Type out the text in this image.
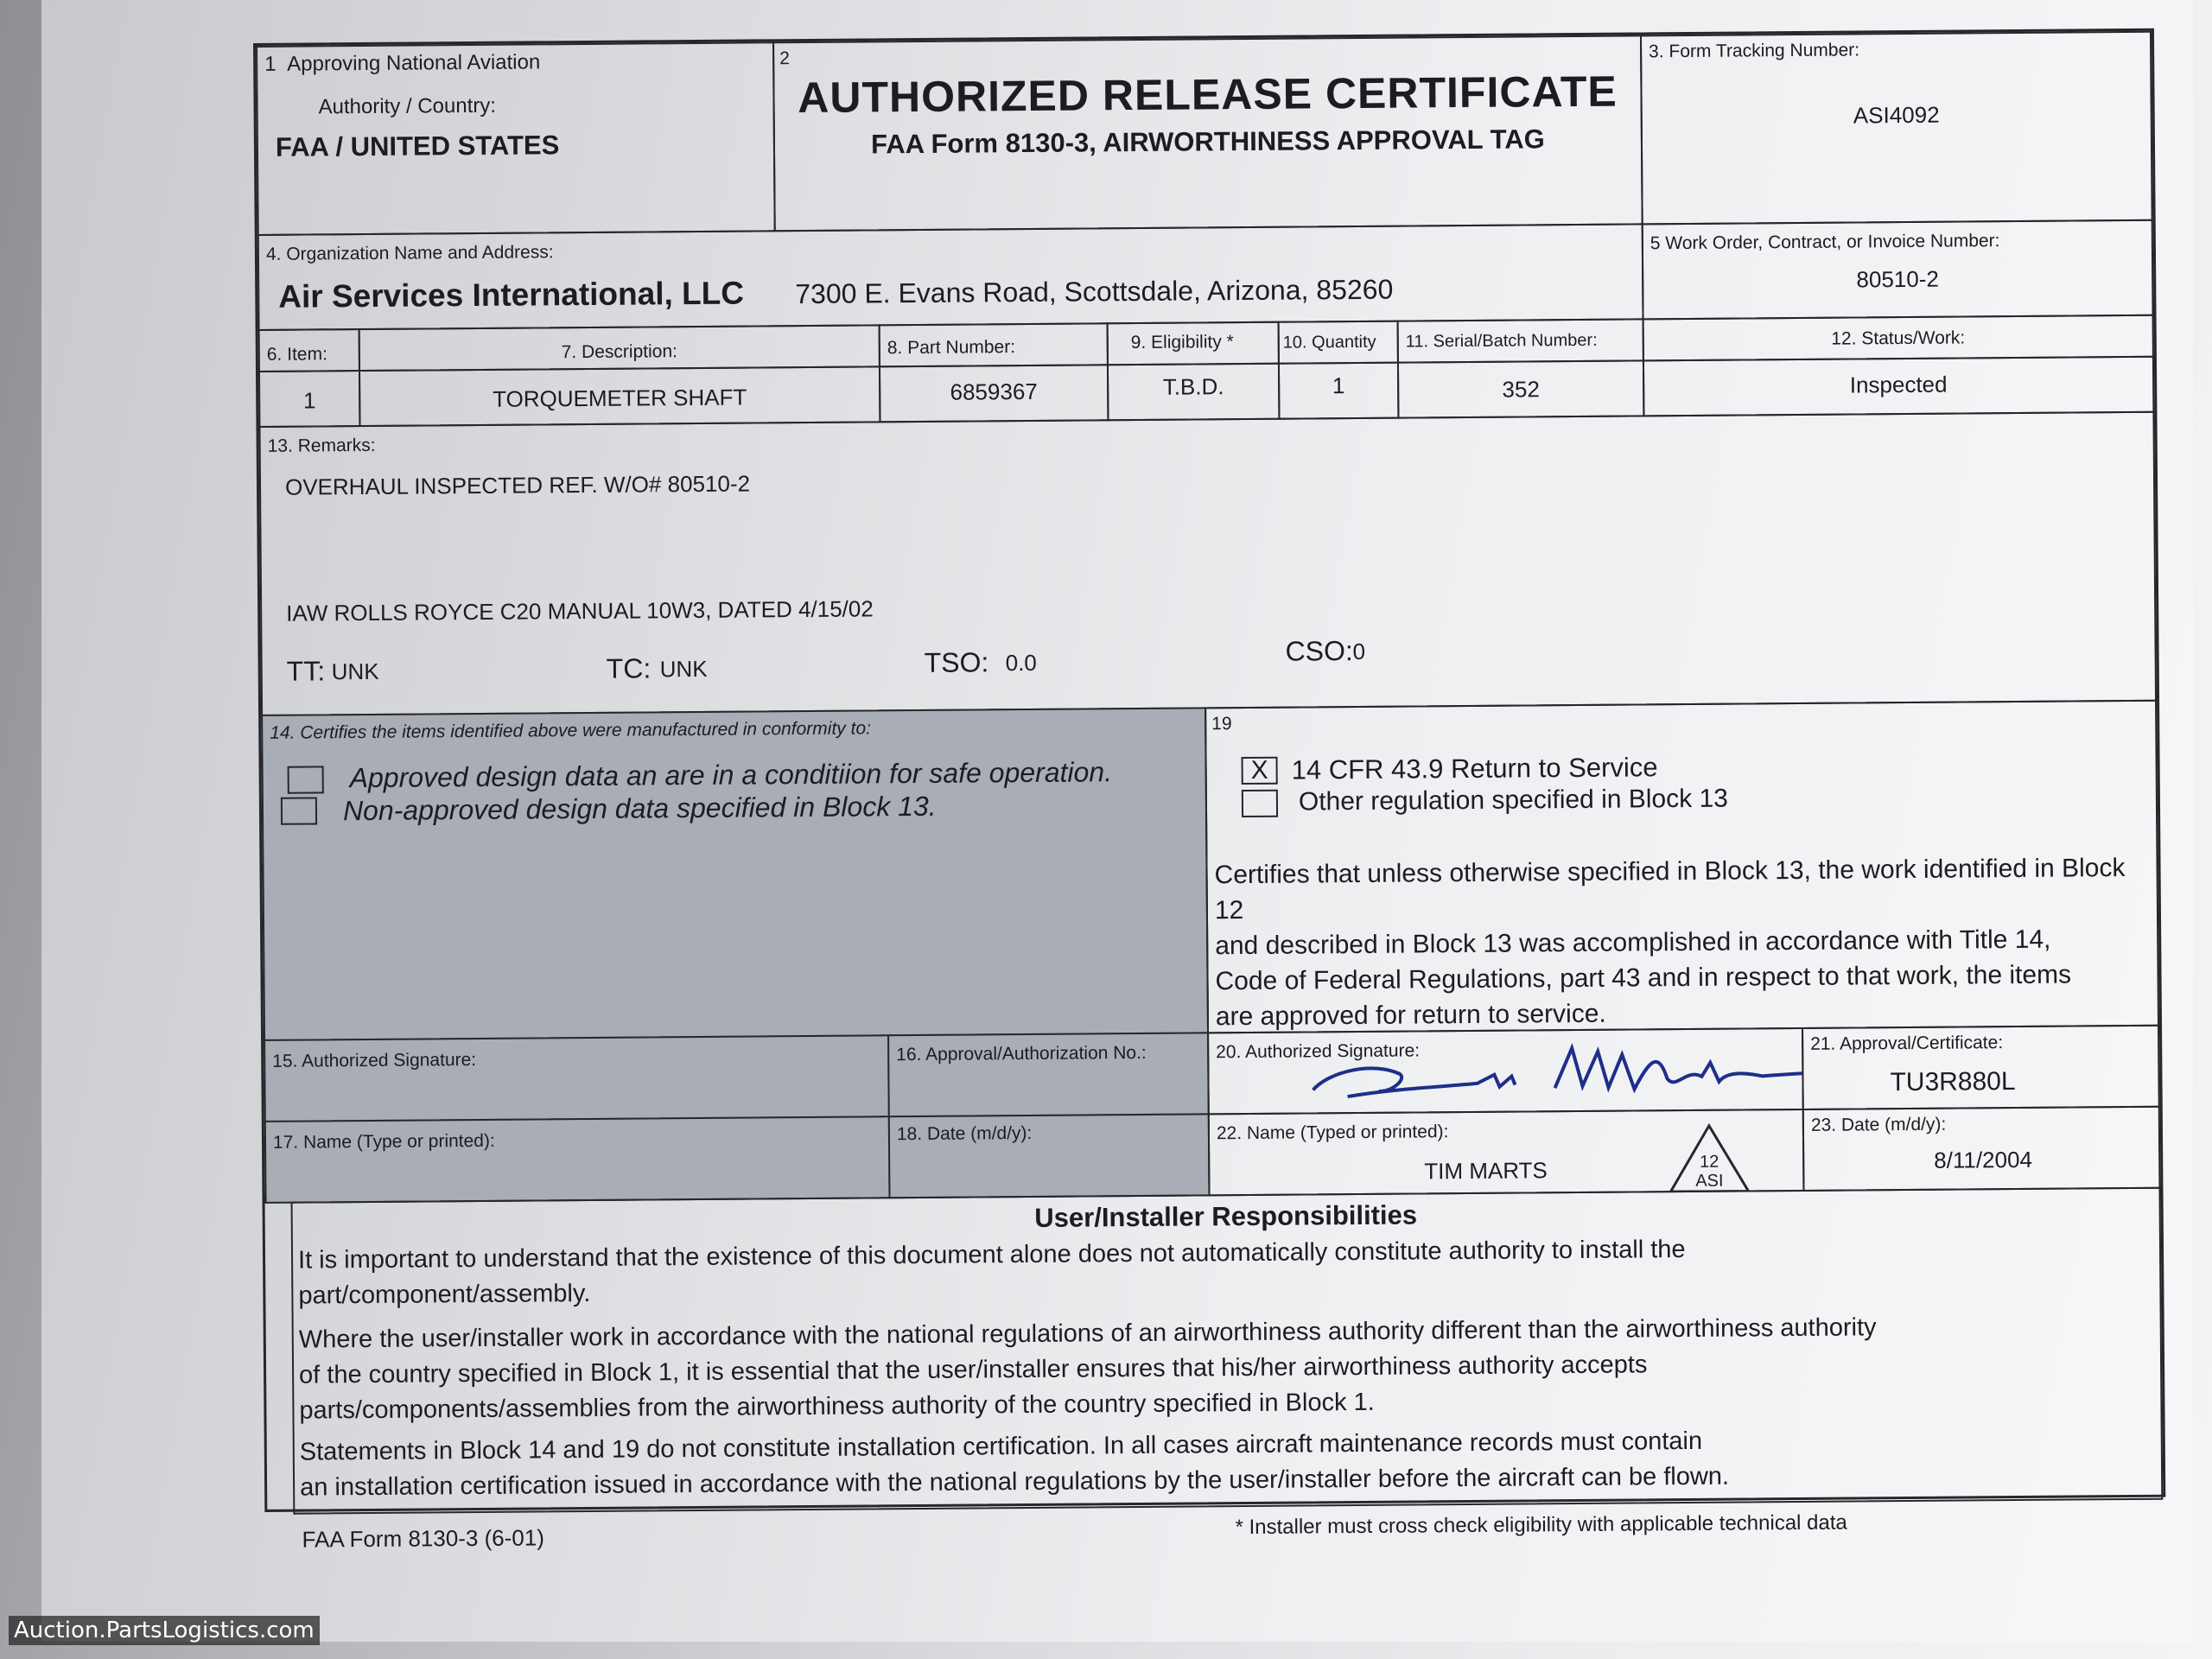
1 Approving National Aviation
Authority / Country:
FAA / UNITED STATES
2
AUTHORIZED RELEASE CERTIFICATE
FAA Form 8130-3, AIRWORTHINESS APPROVAL TAG
3. Form Tracking Number:
ASI4092
4. Organization Name and Address:
Air Services International, LLC 7300 E. Evans Road, Scottsdale, Arizona, 85260
5 Work Order, Contract, or Invoice Number:
80510-2
6. Item:	7. Description:	8. Part Number:	9. Eligibility *	10. Quantity 11. Serial/Batch Number:	12. Status/Work:
1	TORQUEMETER SHAFT	6859367	T.B.D.	1	352	Inspected
13. Remarks:
OVERHAUL INSPECTED REF. W/O# 80510-2
IAW ROLLS ROYCE C20 MANUAL 10W3, DATED 4/15/02
TT: UNK	TC: UNK	TSO: 0.0	CSO: 0
14. Certifies the items identified above were manufactured in conformity to:
Approved design data an are in a conditiion for safe operation.
Non-approved design data specified in Block 13.
19
X 14 CFR 43.9 Return to Service
Other regulation specified in Block 13
Certifies that unless otherwise specified in Block 13, the work identified in Block 12
and described in Block 13 was accomplished in accordance with Title 14,
Code of Federal Regulations, part 43 and in respect to that work, the items
are approved for return to service.
15. Authorized Signature:	16. Approval/Authorization No.:
17. Name (Type or printed):	18. Date (m/d/y):
20. Authorized Signature:	21. Approval/Certificate:
TU3R880L
22. Name (Typed or printed):
TIM MARTS	12
ASI
23. Date (m/d/y):
8/11/2004
User/Installer Responsibilities
It is important to understand that the existence of this document alone does not automatically constitute authority to install the
part/component/assembly.
Where the user/installer work in accordance with the national regulations of an airworthiness authority different than the airworthiness authority
of the country specified in Block 1, it is essential that the user/installer ensures that his/her airworthiness authority accepts
parts/components/assemblies from the airworthiness authority of the country specified in Block 1.
Statements in Block 14 and 19 do not constitute installation certification. In all cases aircraft maintenance records must contain
an installation certification issued in accordance with the national regulations by the user/installer before the aircraft can be flown.
FAA Form 8130-3 (6-01)	* Installer must cross check eligibility with applicable technical data
Auction.PartsLogistics.com
